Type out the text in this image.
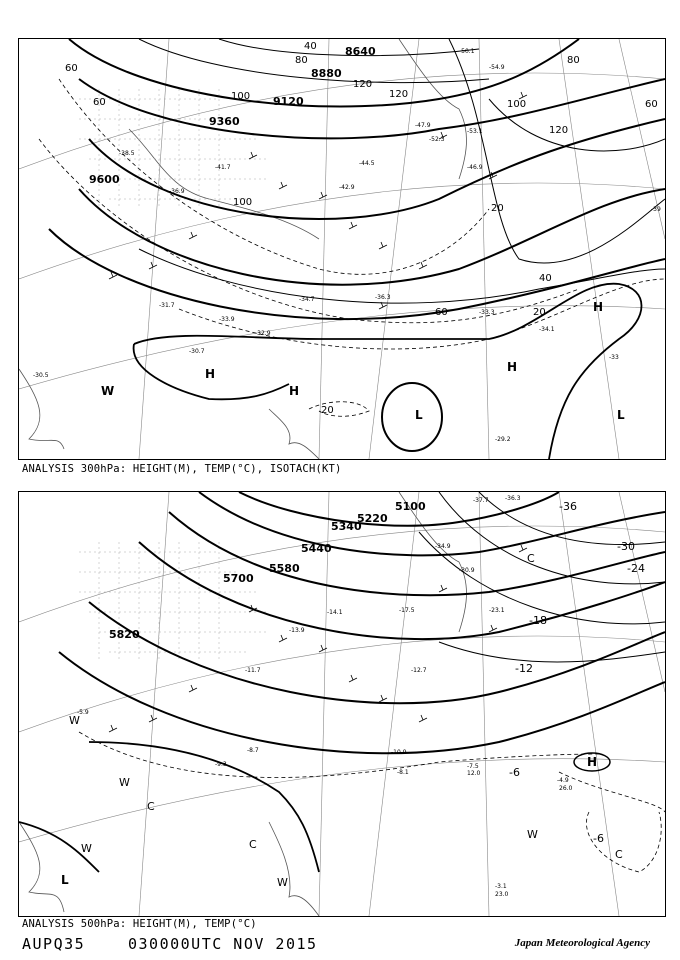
8640
8880
9120
9360
9600
40
60
80
100
120
60
100
120
100
120
60
40
20
20
20
60
80
H
H
H
L	L
H
W
-50.1
-54.9
-53.1
-52.3
-47.9
-46.9
-44.5
-42.9
-41.7
-38.5
-36.9
-36.3
-34.7
-34.1
-33.9
-33.3
-32.9
-31.7
-30.7
-30.5
-29.2
-33
-39
ANALYSIS 300hPa: HEIGHT(M), TEMP(°C), ISOTACH(KT)
5100
5220
5340
5440
5580
5700
5820
-36
-30
-24
-18
-12
-6
-6
H
L
C
W
W
C
W	C
W
W
C
-37.7	-36.3
-34.9
-30.9
-23.1
-17.5
-14.1
-13.9
-12.7
-11.7
-10.9
-9.3
-8.7
-8.1
-7.5
-5.9
-4.9
-3.1
12.0
26.0
23.0
ANALYSIS 500hPa: HEIGHT(M), TEMP(°C)
AUPQ35	030000UTC NOV 2015	Japan Meteorological Agency
